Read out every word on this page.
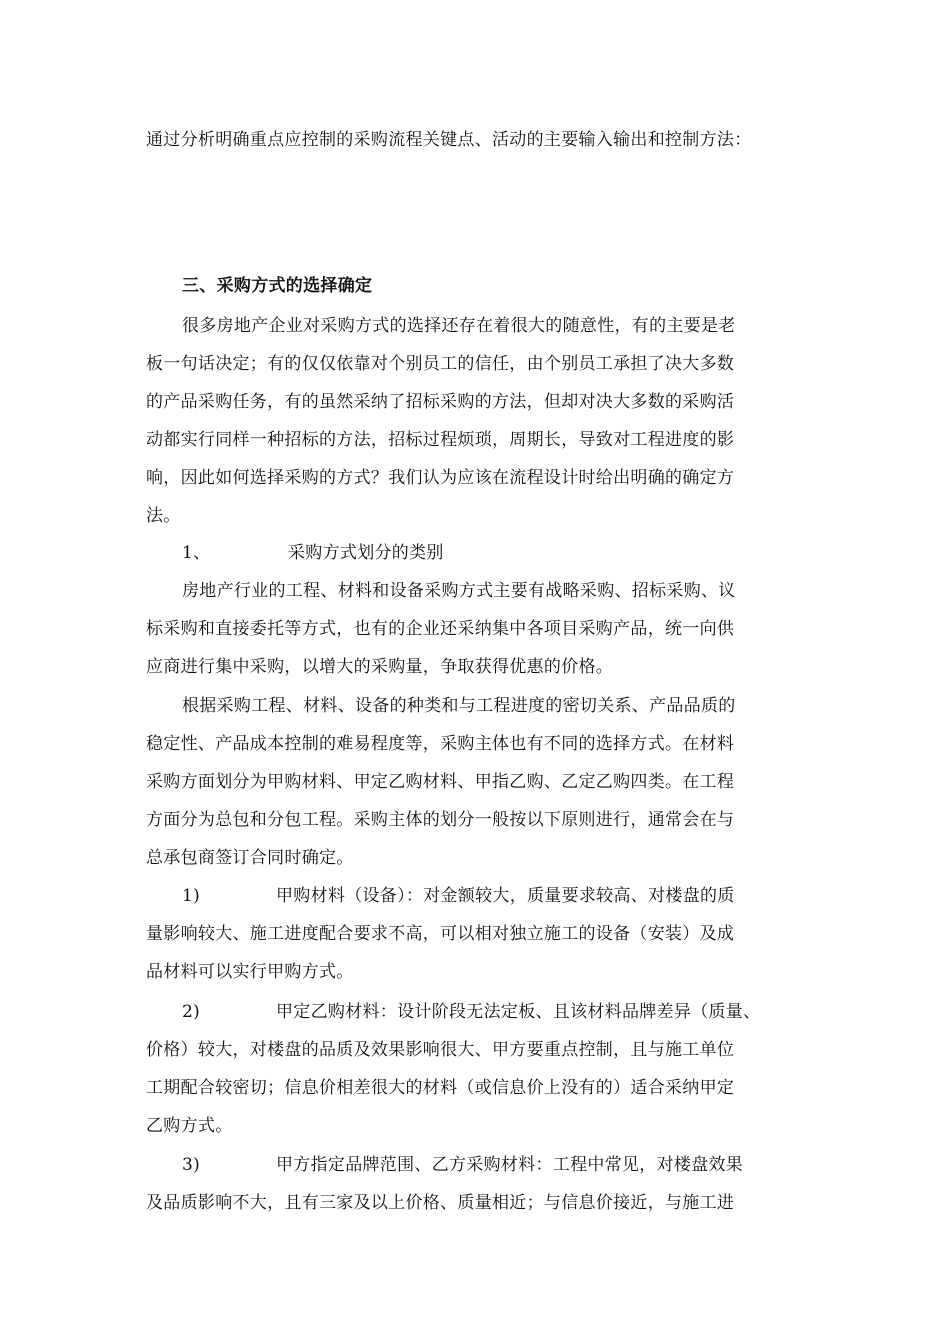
通过分析明确重点应控制的采购流程关键点、活动的主要输入输出和控制方法：
三、采购方式的选择确定
很多房地产企业对采购方式的选择还存在着很大的随意性，有的主要是老
板一句话决定；有的仅仅依靠对个别员工的信任，由个别员工承担了决大多数
的产品采购任务，有的虽然采纳了招标采购的方法，但却对决大多数的采购活
动都实行同样一种招标的方法，招标过程烦琐，周期长，导致对工程进度的影
响，因此如何选择采购的方式？我们认为应该在流程设计时给出明确的确定方
法。
1、	采购方式划分的类别
房地产行业的工程、材料和设备采购方式主要有战略采购、招标采购、议
标采购和直接委托等方式，也有的企业还采纳集中各项目采购产品，统一向供
应商进行集中采购，以增大的采购量，争取获得优惠的价格。
根据采购工程、材料、设备的种类和与工程进度的密切关系、产品品质的
稳定性、产品成本控制的难易程度等，采购主体也有不同的选择方式。在材料
采购方面划分为甲购材料、甲定乙购材料、甲指乙购、乙定乙购四类。在工程
方面分为总包和分包工程。采购主体的划分一般按以下原则进行，通常会在与
总承包商签订合同时确定。
1)	甲购材料（设备）：对金额较大，质量要求较高、对楼盘的质
量影响较大、施工进度配合要求不高，可以相对独立施工的设备（安装）及成
品材料可以实行甲购方式。
2)	甲定乙购材料：设计阶段无法定板、且该材料品牌差异（质量、
价格）较大，对楼盘的品质及效果影响很大、甲方要重点控制，且与施工单位
工期配合较密切；信息价相差很大的材料（或信息价上没有的）适合采纳甲定
乙购方式。
3)	甲方指定品牌范围、乙方采购材料：工程中常见，对楼盘效果
及品质影响不大，且有三家及以上价格、质量相近；与信息价接近，与施工进
